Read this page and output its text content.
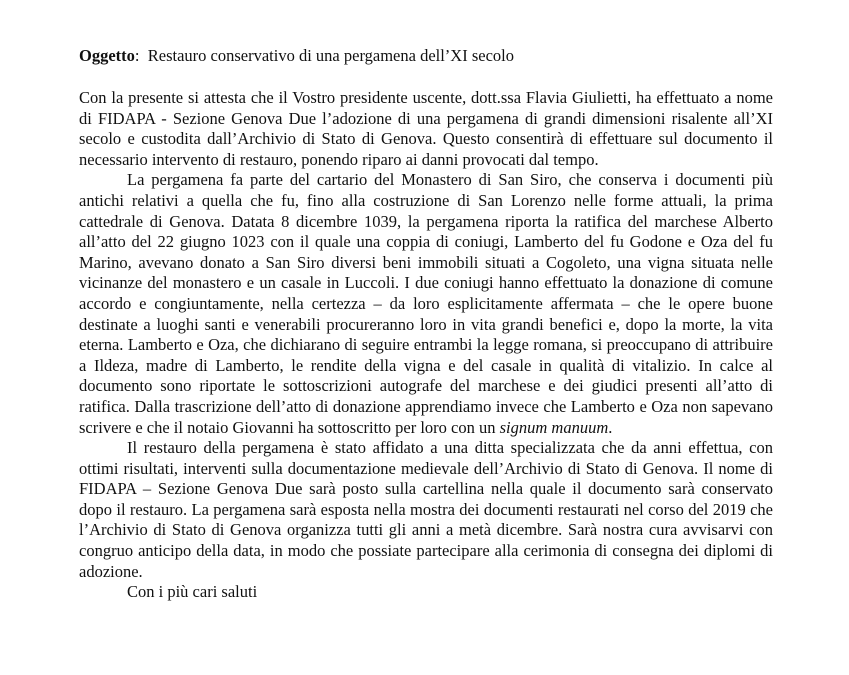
Oggetto:  Restauro conservativo di una pergamena dell’XI secolo

Con la presente si attesta che il Vostro presidente uscente, dott.ssa Flavia Giulietti, ha effettuato a nome di FIDAPA - Sezione Genova Due l’adozione di una pergamena di grandi dimensioni risalente all’XI secolo e custodita dall’Archivio di Stato di Genova. Questo consentirà di effettuare sul documento il necessario intervento di restauro, ponendo riparo ai danni provocati dal tempo.

La pergamena fa parte del cartario del Monastero di San Siro, che conserva i documenti più antichi relativi a quella che fu, fino alla costruzione di San Lorenzo nelle forme attuali, la prima cattedrale di Genova. Datata 8 dicembre 1039, la pergamena riporta la ratifica del marchese Alberto all’atto del 22 giugno 1023 con il quale una coppia di coniugi, Lamberto del fu Godone e Oza del fu Marino, avevano donato a San Siro diversi beni immobili situati a Cogoleto, una vigna situata nelle vicinanze del monastero e un casale in Luccoli. I due coniugi hanno effettuato la donazione di comune accordo e congiuntamente, nella certezza – da loro esplicitamente affermata – che le opere buone destinate a luoghi santi e venerabili procureranno loro in vita grandi benefici e, dopo la morte, la vita eterna. Lamberto e Oza, che dichiarano di seguire entrambi la legge romana, si preoccupano di attribuire a Ildeza, madre di Lamberto, le rendite della vigna e del casale in qualità di vitalizio. In calce al documento sono riportate le sottoscrizioni autografe del marchese e dei giudici presenti all’atto di ratifica. Dalla trascrizione dell’atto di donazione apprendiamo invece che Lamberto e Oza non sapevano scrivere e che il notaio Giovanni ha sottoscritto per loro con un signum manuum.

Il restauro della pergamena è stato affidato a una ditta specializzata che da anni effettua, con ottimi risultati, interventi sulla documentazione medievale dell’Archivio di Stato di Genova. Il nome di FIDAPA – Sezione Genova Due sarà posto sulla cartellina nella quale il documento sarà conservato dopo il restauro. La pergamena sarà esposta nella mostra dei documenti restaurati nel corso del 2019 che l’Archivio di Stato di Genova organizza tutti gli anni a metà dicembre. Sarà nostra cura avvisarvi con congruo anticipo della data, in modo che possiate partecipare alla cerimonia di consegna dei diplomi di adozione.

Con i più cari saluti
